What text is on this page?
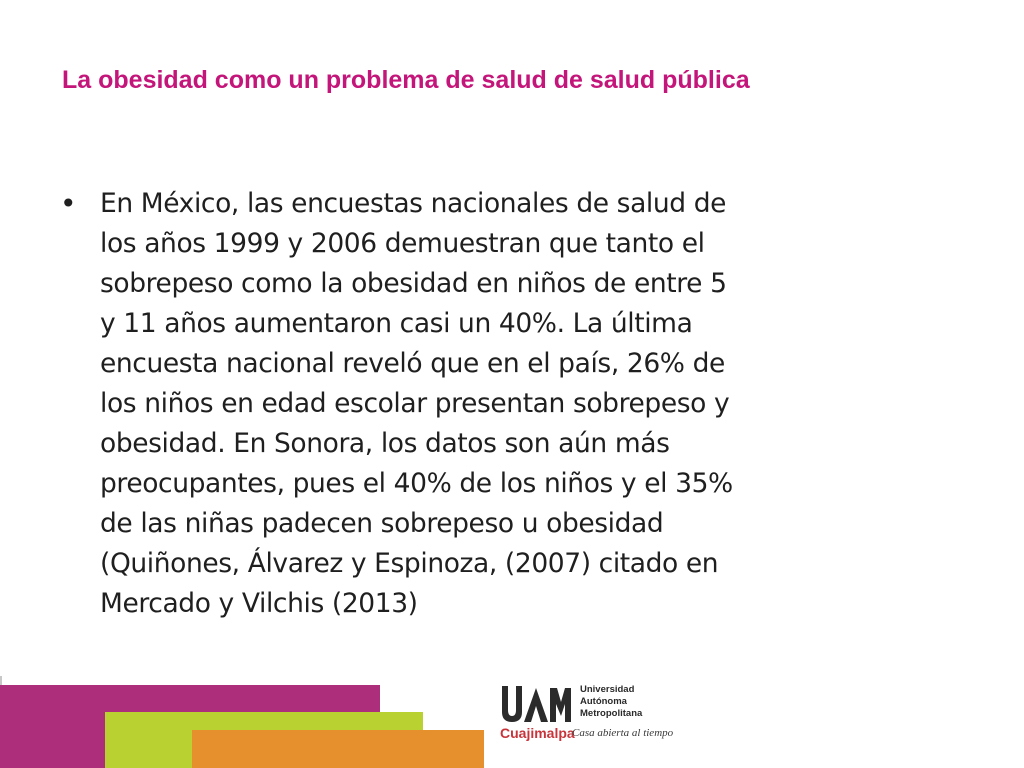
La obesidad como un problema de salud de salud pública
• En México, las encuestas nacionales de salud de
los años 1999 y 2006 demuestran que tanto el
sobrepeso como la obesidad en niños de entre 5
y 11 años aumentaron casi un 40%. La última
encuesta nacional reveló que en el país, 26% de
los niños en edad escolar presentan sobrepeso y
obesidad. En Sonora, los datos son aún más
preocupantes, pues el 40% de los niños y el 35%
de las niñas padecen sobrepeso u obesidad
(Quiñones, Álvarez y Espinoza, (2007) citado en
Mercado y Vilchis (2013)
Cuajimalpa
Universidad
Autónoma
Metropolitana
Casa abierta al tiempo
